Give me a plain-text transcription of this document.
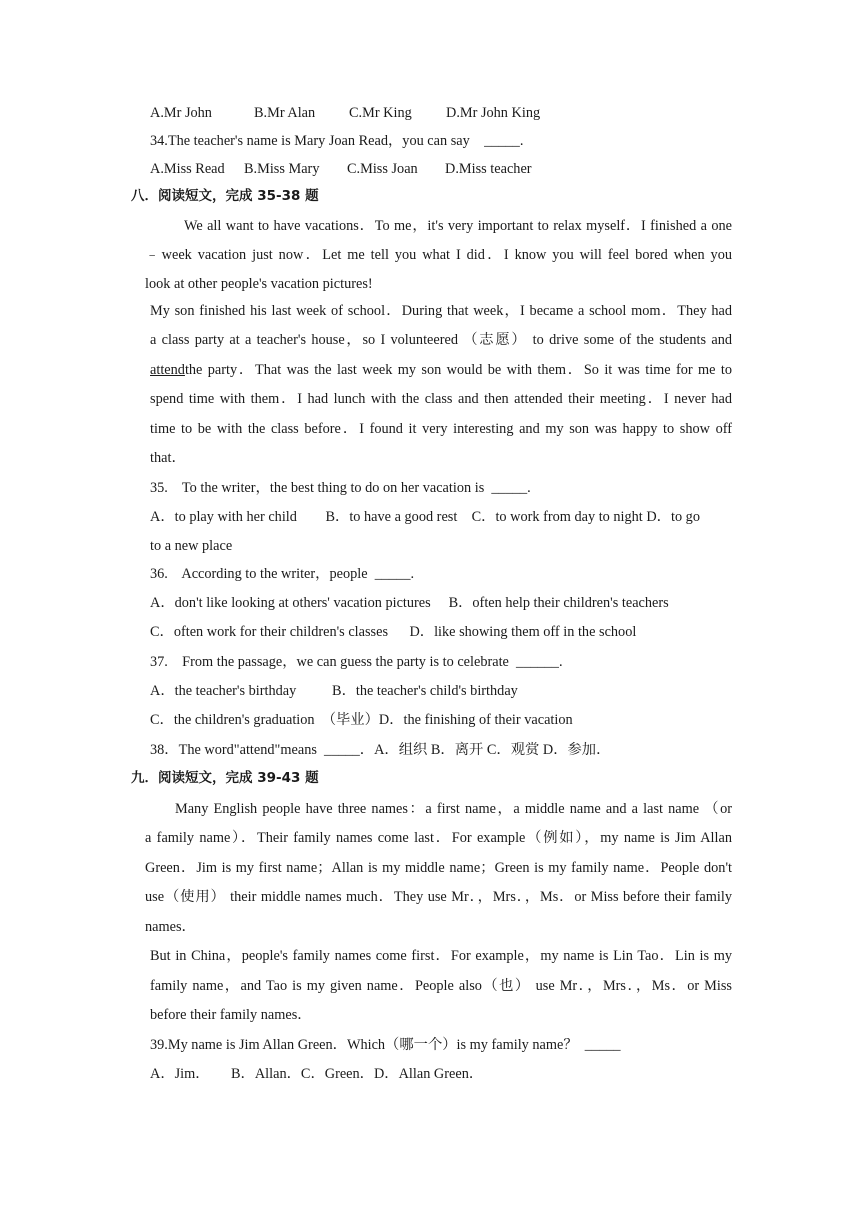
A.Mr John	B.Mr Alan C.Mr King D.Mr John King
34.The teacher's name is Mary Joan Read，you can say    _____.
A.Miss Read B.Miss Mary C.Miss Joan D.Miss teacher
八．阅读短文，完成 35-38 题
We all want to have vacations．To me，it's very important to relax myself．I finished a one
﹣week vacation just now．Let me tell you what I did．I know you will feel bored when you
look at other people's vacation pictures!
My son finished his last week of school．During that week，I became a school mom．They had
a class party at a teacher's house，so I volunteered （志愿） to drive some of the students and
attend the party．That was the last week my son would be with them．So it was time for me to
spend time with them．I had lunch with the class and then attended their meeting．I never had
time to be with the class before．I found it very interesting and my son was happy to show off
that．
35.    To the writer，the best thing to do on her vacation is  _____.
A．to play with her child        B．to have a good rest    C．to work from day to night D．to go
to a new place
36.    According to the writer，people  _____.
A．don't like looking at others' vacation pictures     B．often help their children's teachers
C．often work for their children's classes      D．like showing them off in the school
37.    From the passage，we can guess the party is to celebrate  ______.
A．the teacher's birthday          B．the teacher's child's birthday
C．the children's graduation  （毕业）D．the finishing of their vacation
38．The word"attend"means  _____．A．组织 B．离开 C．观赏 D．参加．
九．阅读短文，完成 39-43 题
Many English people have three names：a first name，a middle name and a last name （or
a family name）．Their family names come last．For example（例如），my name is Jim Allan
Green．Jim is my first name；Allan is my middle name；Green is my family name．People don't
use（使用） their middle names much．They use Mr．，Mrs．，Ms．or Miss before their family
names．
But in China，people's family names come first．For example，my name is Lin Tao．Lin is my
family name，and Tao is my given name．People also（也） use Mr．，Mrs．，Ms．or Miss
before their family names．
39.My name is Jim Allan Green．Which（哪一个）is my family name？  _____
A．Jim．      B．Allan．C．Green．D．Allan Green．
